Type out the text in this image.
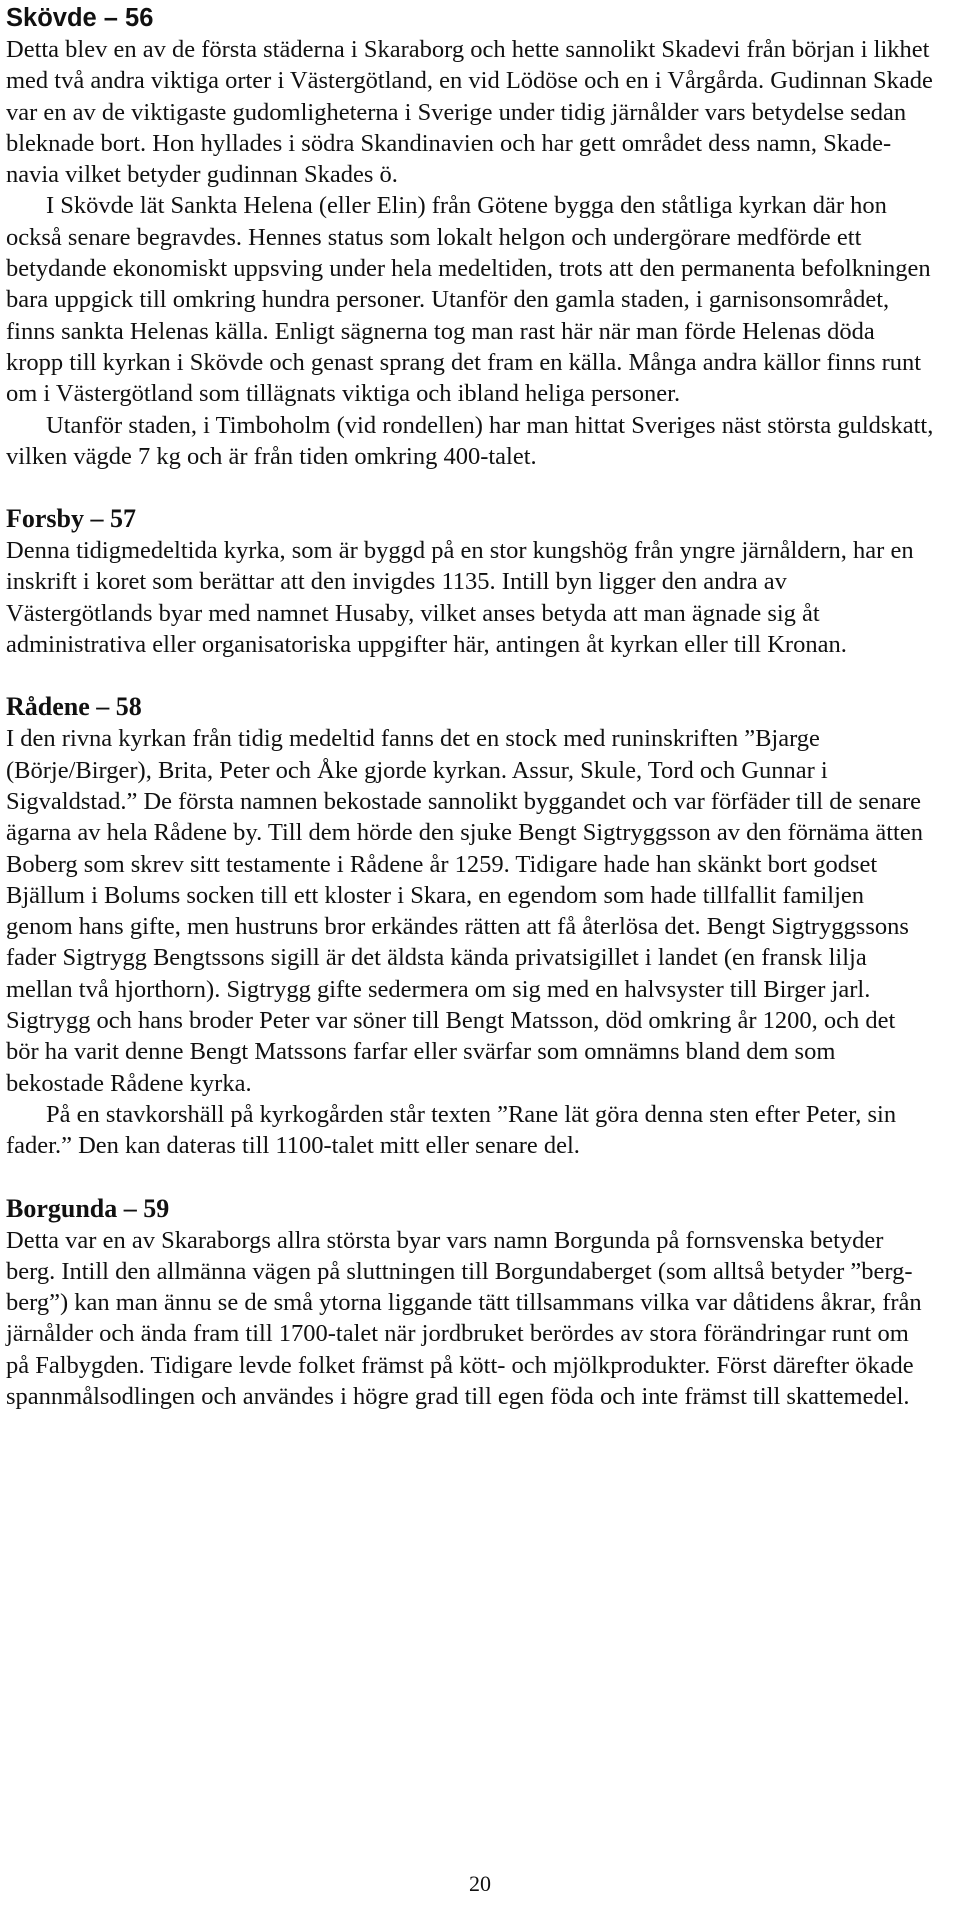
Skövde – 56

Detta blev en av de första städerna i Skaraborg och hette sannolikt Skadevi från början i likhet med två andra viktiga orter i Västergötland, en vid Lödöse och en i Vårgårda. Gudinnan Skade var en av de viktigaste gudomligheterna i Sverige under tidig järnålder vars betydelse sedan bleknade bort. Hon hyllades i södra Skandinavien och har gett området dess namn, Skade-navia vilket betyder gudinnan Skades ö.

I Skövde lät Sankta Helena (eller Elin) från Götene bygga den ståtliga kyrkan där hon också senare begravdes. Hennes status som lokalt helgon och undergörare medförde ett betydande ekonomiskt uppsving under hela medeltiden, trots att den permanenta befolkningen bara uppgick till omkring hundra personer. Utanför den gamla staden, i garnisonsområdet, finns sankta Helenas källa. Enligt sägnerna tog man rast här när man förde Helenas döda kropp till kyrkan i Skövde och genast sprang det fram en källa. Många andra källor finns runt om i Västergötland som tillägnats viktiga och ibland heliga personer.

Utanför staden, i Timboholm (vid rondellen) har man hittat Sveriges näst största guldskatt, vilken vägde 7 kg och är från tiden omkring 400-talet.

Forsby – 57

Denna tidigmedeltida kyrka, som är byggd på en stor kungshög från yngre järnåldern, har en inskrift i koret som berättar att den invigdes 1135. Intill byn ligger den andra av Västergötlands byar med namnet Husaby, vilket anses betyda att man ägnade sig åt administrativa eller organisatoriska uppgifter här, antingen åt kyrkan eller till Kronan.

Rådene – 58

I den rivna kyrkan från tidig medeltid fanns det en stock med runinskriften ”Bjarge (Börje/Birger), Brita, Peter och Åke gjorde kyrkan. Assur, Skule, Tord och Gunnar i Sigvaldstad.” De första namnen bekostade sannolikt byggandet och var förfäder till de senare ägarna av hela Rådene by. Till dem hörde den sjuke Bengt Sigtryggsson av den förnäma ätten Boberg som skrev sitt testamente i Rådene år 1259. Tidigare hade han skänkt bort godset Bjällum i Bolums socken till ett kloster i Skara, en egendom som hade tillfallit familjen genom hans gifte, men hustruns bror erkändes rätten att få återlösa det. Bengt Sigtryggssons fader Sigtrygg Bengtssons sigill är det äldsta kända privatsigillet i landet (en fransk lilja mellan två hjorthorn). Sigtrygg gifte sedermera om sig med en halvsyster till Birger jarl. Sigtrygg och hans broder Peter var söner till Bengt Matsson, död omkring år 1200, och det bör ha varit denne Bengt Matssons farfar eller svärfar som omnämns bland dem som bekostade Rådene kyrka.

På en stavkorshäll på kyrkogården står texten ”Rane lät göra denna sten efter Peter, sin fader.” Den kan dateras till 1100-talet mitt eller senare del.

Borgunda – 59

Detta var en av Skaraborgs allra största byar vars namn Borgunda på fornsvenska betyder berg. Intill den allmänna vägen på sluttningen till Borgundaberget (som alltså betyder ”berg-berg”) kan man ännu se de små ytorna liggande tätt tillsammans vilka var dåtidens åkrar, från järnålder och ända fram till 1700-talet när jordbruket berördes av stora förändringar runt om på Falbygden. Tidigare levde folket främst på kött- och mjölkprodukter. Först därefter ökade spannmålsodlingen och användes i högre grad till egen föda och inte främst till skattemedel.

20
